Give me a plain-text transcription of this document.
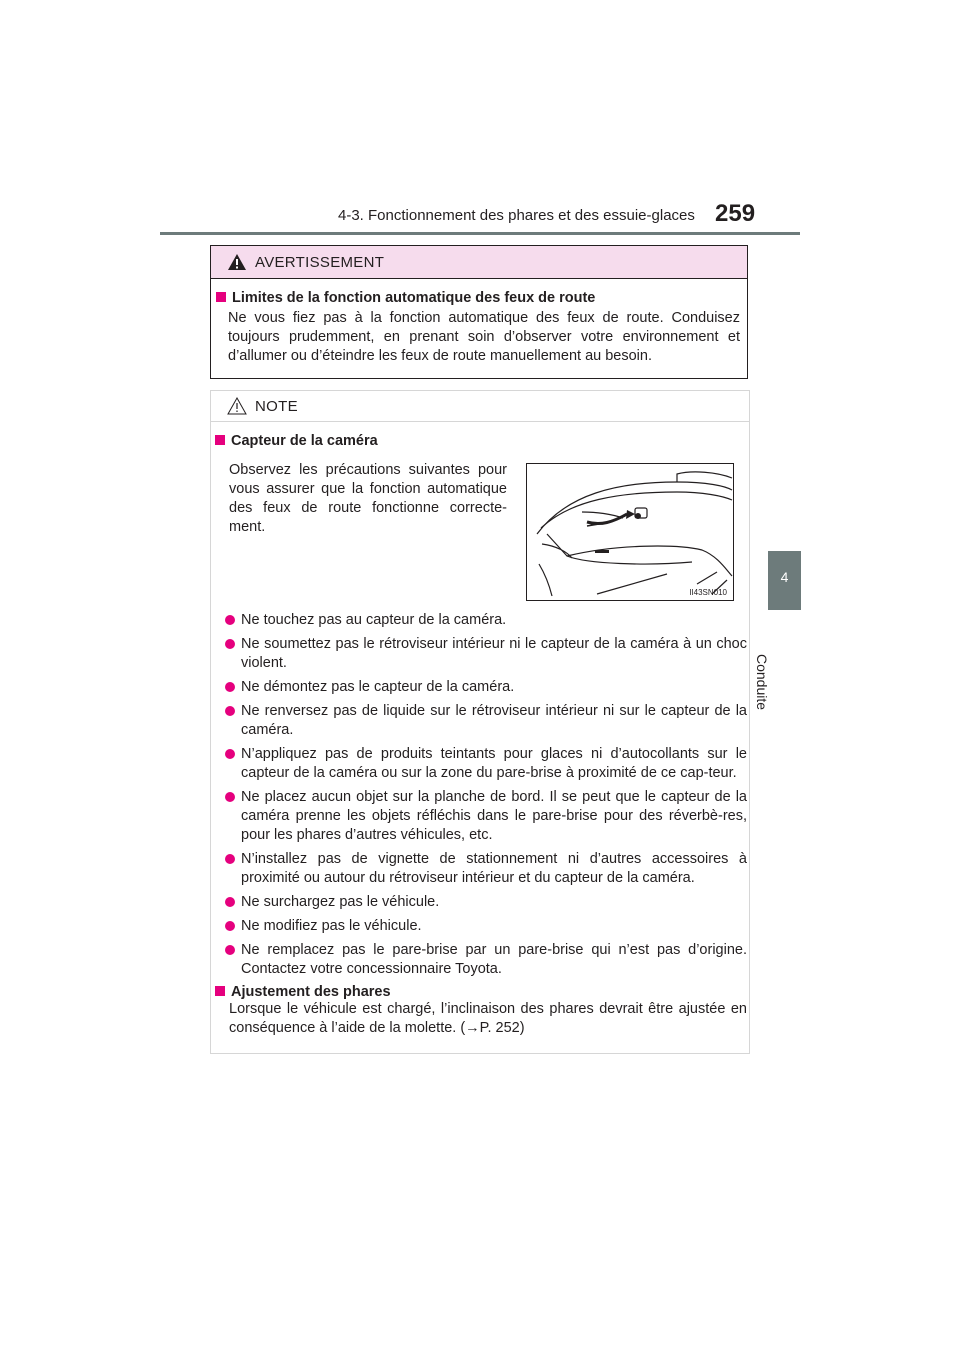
4-3. Fonctionnement des phares et des essuie-glaces 259
4
Conduite
AVERTISSEMENT
Limites de la fonction automatique des feux de route
Ne vous fiez pas à la fonction automatique des feux de route. Conduisez toujours prudemment, en prenant soin d’observer votre environnement et d’allumer ou d’éteindre les feux de route manuellement au besoin.
NOTE
Capteur de la caméra
Observez les précautions suivantes pour vous assurer que la fonction automatique des feux de route fonctionne correcte-ment.
II43SN010
Ne touchez pas au capteur de la caméra.
Ne soumettez pas le rétroviseur intérieur ni le capteur de la caméra à un choc violent.
Ne démontez pas le capteur de la caméra.
Ne renversez pas de liquide sur le rétroviseur intérieur ni sur le capteur de la caméra.
N’appliquez pas de produits teintants pour glaces ni d’autocollants sur le capteur de la caméra ou sur la zone du pare-brise à proximité de ce cap-teur.
Ne placez aucun objet sur la planche de bord. Il se peut que le capteur de la caméra prenne les objets réfléchis dans le pare-brise pour des réverbè-res, pour les phares d’autres véhicules, etc.
N’installez pas de vignette de stationnement ni d’autres accessoires à proximité ou autour du rétroviseur intérieur et du capteur de la caméra.
Ne surchargez pas le véhicule.
Ne modifiez pas le véhicule.
Ne remplacez pas le pare-brise par un pare-brise qui n’est pas d’origine. Contactez votre concessionnaire Toyota.
Ajustement des phares
Lorsque le véhicule est chargé, l’inclinaison des phares devrait être ajustée en conséquence à l’aide de la molette. (→P. 252)
